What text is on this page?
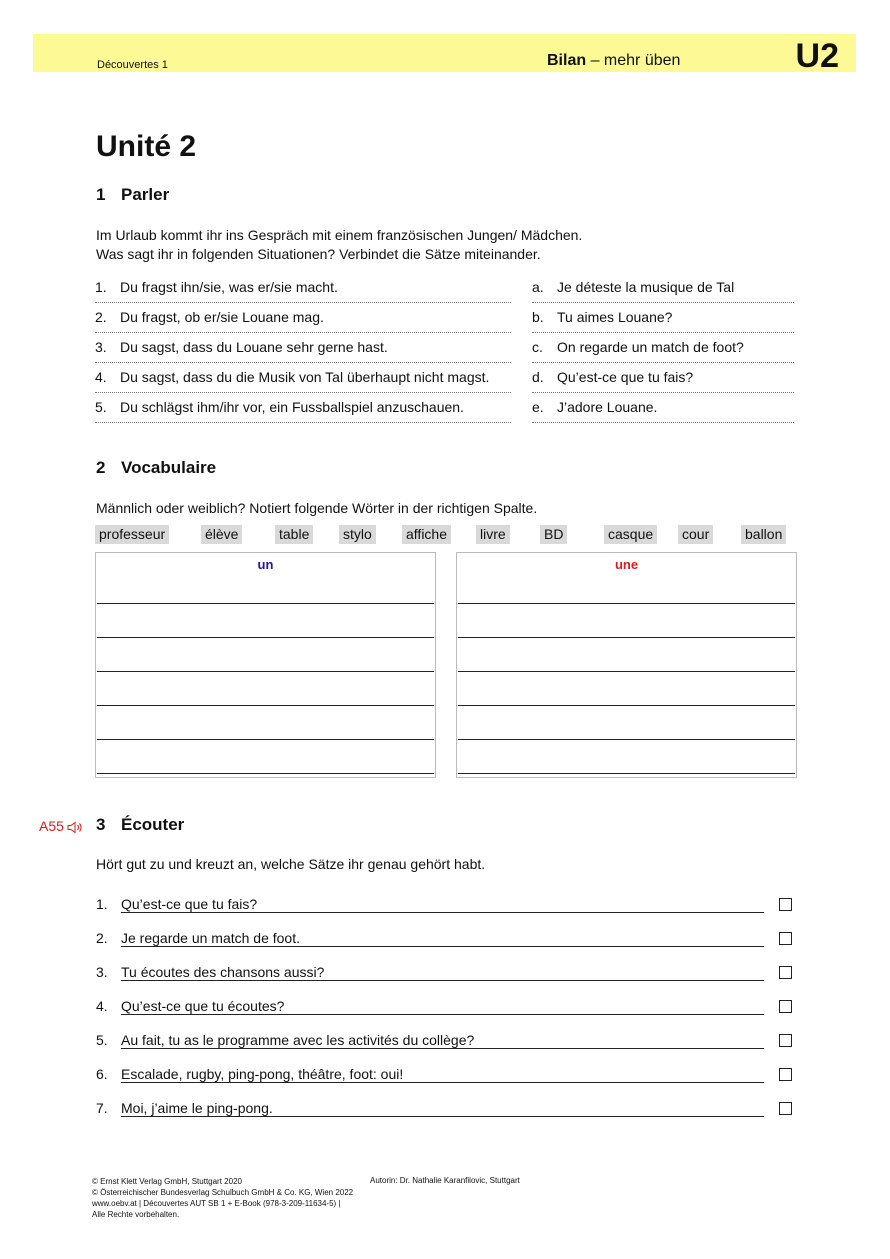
Découvertes 1	Bilan – mehr üben	U2
Unité 2
1 Parler
Im Urlaub kommt ihr ins Gespräch mit einem französischen Jungen/ Mädchen.
Was sagt ihr in folgenden Situationen? Verbindet die Sätze miteinander.
1. Du fragst ihn/sie, was er/sie macht.
2. Du fragst, ob er/sie Louane mag.
3. Du sagst, dass du Louane sehr gerne hast.
4. Du sagst, dass du die Musik von Tal überhaupt nicht magst.
5. Du schlägst ihm/ihr vor, ein Fussballspiel anzuschauen.
a. Je déteste la musique de Tal
b. Tu aimes Louane?
c. On regarde un match de foot?
d. Qu’est-ce que tu fais?
e. J’adore Louane.
2 Vocabulaire
Männlich oder weiblich? Notiert folgende Wörter in der richtigen Spalte.
professeur	élève	table stylo affiche livre	BD	casque cour	ballon
un	une
A55	3 Écouter
Hört gut zu und kreuzt an, welche Sätze ihr genau gehört habt.
1. Qu’est-ce que tu fais?
2. Je regarde un match de foot.
3. Tu écoutes des chansons aussi?
4. Qu’est-ce que tu écoutes?
5. Au fait, tu as le programme avec les activités du collège?
6. Escalade, rugby, ping-pong, théâtre, foot: oui!
7. Moi, j’aime le ping-pong.
© Ernst Klett Verlag GmbH, Stuttgart 2020
© Österreichischer Bundesverlag Schulbuch GmbH & Co. KG, Wien 2022
www.oebv.at | Découvertes AUT SB 1 + E-Book (978-3-209-11634-5) |
Alle Rechte vorbehalten.
Autorin: Dr. Nathalie Karanfilovic, Stuttgart
